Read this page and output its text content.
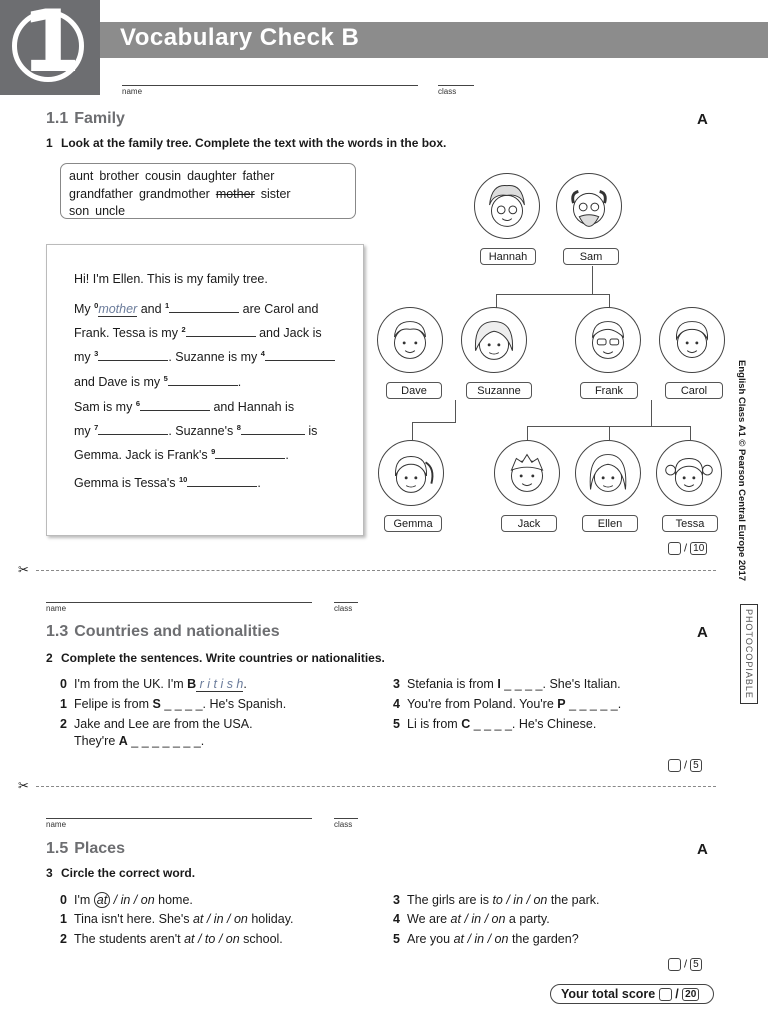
1	Vocabulary Check B
name	class
1.1 Family	A
1 Look at the family tree. Complete the text with the words in the box.
aunt brother cousin daughter father
grandfather grandmother mother sister
son uncle
Hi! I'm Ellen. This is my family tree.
My $^0$mother and $^1$	are Carol and
Frank. Tessa is my $^2$	and Jack is
my $^3$	. Suzanne is my $^4$
and Dave is my $^5$	.
Sam is my $^6$	and Hannah is
my $^7$	. Suzanne's $^8$	is
Gemma. Jack is Frank's $^9$	.
Gemma is Tessa's $^{10}$	.
Hannah	Sam
Dave	Suzanne	Frank	Carol
Gemma	Jack	Ellen	Tessa
/ 10
✂
name	class
1.3 Countries and nationalities	A
2 Complete the sentences. Write countries or nationalities.
0 I'm from the UK. I'm B r i t i s h.
1 Felipe is from S _ _ _ _. He's Spanish.
2 Jake and Lee are from the USA.
They're A _ _ _ _ _ _ _.
3 Stefania is from I _ _ _ _. She's Italian.
4 You're from Poland. You're P _ _ _ _ _.
5 Li is from C _ _ _ _. He's Chinese.
/ 5
✂
name	class
1.5 Places	A
3 Circle the correct word.
0 I'm at / in / on home.
1 Tina isn't here. She's at / in / on holiday.
2 The students aren't at / to / on school.
3 The girls are is to / in / on the park.
4 We are at / in / on a party.
5 Are you at / in / on the garden?
/ 5
Your total score  / 20
English Class A1 © Pearson Central Europe 2017
PHOTOCOPIABLE
